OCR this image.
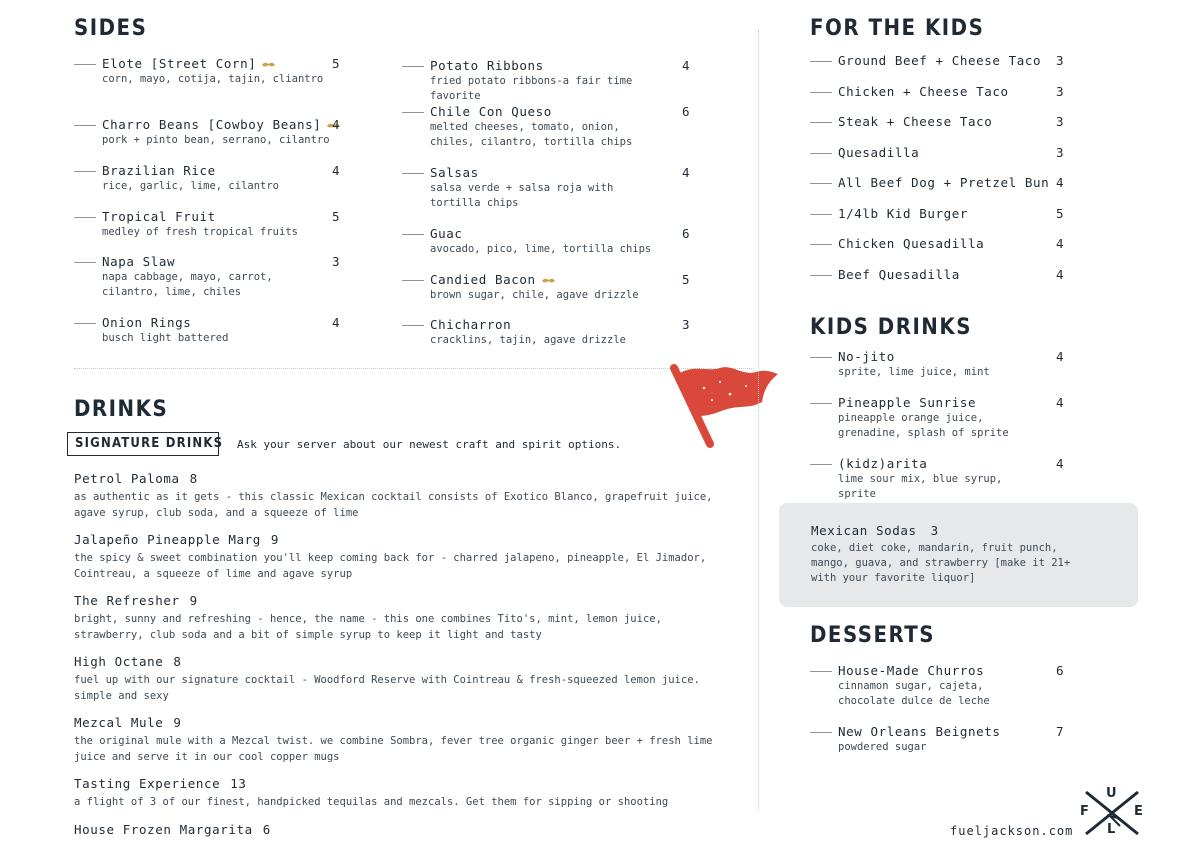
SIDES
Elote [Street Corn]
corn, mayo, cotija, tajin, cliantro
5
Charro Beans [Cowboy Beans]
pork + pinto bean, serrano, cilantro
4
Brazilian Rice
rice, garlic, lime, cilantro
4
Tropical Fruit
medley of fresh tropical fruits
5
Napa Slaw
napa cabbage, mayo, carrot, cilantro, lime, chiles
3
Onion Rings
busch light battered
4
Potato Ribbons
fried potato ribbons-a fair time favorite
4
Chile Con Queso
melted cheeses, tomato, onion, chiles, cilantro, tortilla chips
6
Salsas
salsa verde + salsa roja with tortilla chips
4
Guac
avocado, pico, lime, tortilla chips
6
Candied Bacon
brown sugar, chile, agave drizzle
5
Chicharron
cracklins, tajin, agave drizzle
3
DRINKS
SIGNATURE DRINKS Ask your server about our newest craft and spirit options.
Petrol Paloma 8
as authentic as it gets - this classic Mexican cocktail consists of Exotico Blanco, grapefruit juice, agave syrup, club soda, and a squeeze of lime
Jalapeño Pineapple Marg 9
the spicy & sweet combination you'll keep coming back for - charred jalapeno, pineapple, El Jimador, Cointreau, a squeeze of lime and agave syrup
The Refresher 9
bright, sunny and refreshing - hence, the name - this one combines Tito's, mint, lemon juice, strawberry, club soda and a bit of simple syrup to keep it light and tasty
High Octane 8
fuel up with our signature cocktail - Woodford Reserve with Cointreau & fresh-squeezed lemon juice. simple and sexy
Mezcal Mule 9
the original mule with a Mezcal twist. we combine Sombra, fever tree organic ginger beer + fresh lime juice and serve it in our cool copper mugs
Tasting Experience 13
a flight of 3 of our finest, handpicked tequilas and mezcals. Get them for sipping or shooting
House Frozen Margarita 6
FOR THE KIDS
Ground Beef + Cheese Taco 3
Chicken + Cheese Taco	3
Steak + Cheese Taco	3
Quesadilla	3
All Beef Dog + Pretzel Bun 4
1/4lb Kid Burger	5
Chicken Quesadilla	4
Beef Quesadilla	4
KIDS DRINKS
No-jito
sprite, lime juice, mint
4
Pineapple Sunrise
pineapple orange juice, grenadine, splash of sprite
4
(kidz)arita
lime sour mix, blue syrup, sprite
4
Mexican Sodas 3
coke, diet coke, mandarin, fruit punch, mango, guava, and strawberry [make it 21+ with your favorite liquor]
DESSERTS
House-Made Churros
cinnamon sugar, cajeta, chocolate dulce de leche
6
New Orleans Beignets
powdered sugar
7
fueljackson.com
U
F	E
L
